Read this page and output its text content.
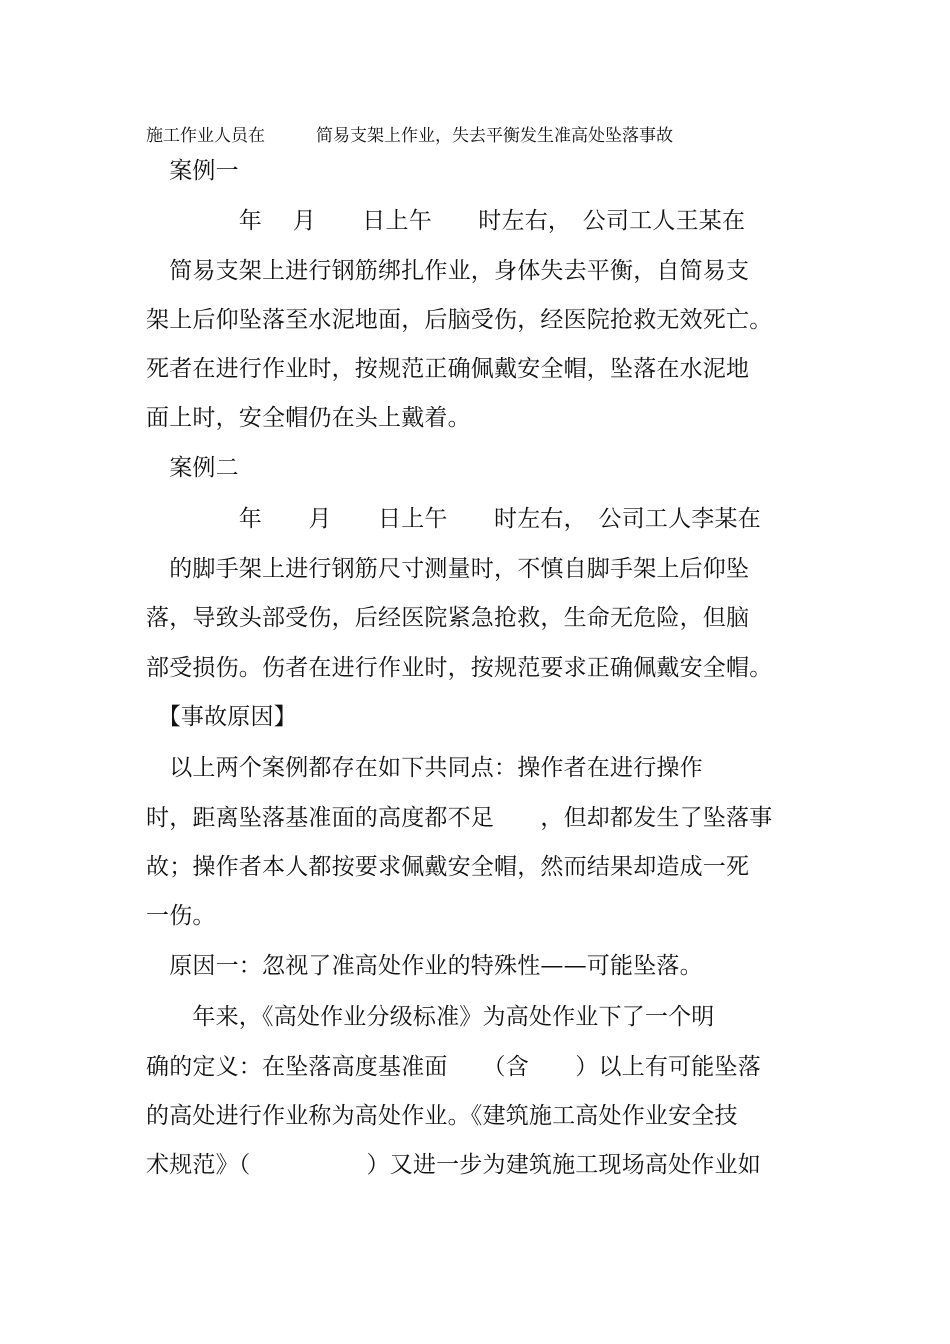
施工作业人员在　　　简易支架上作业，失去平衡发生准高处坠落事故
　案例一
　　　　年　 月　　日上午　　时左右，　公司工人王某在
　简易支架上进行钢筋绑扎作业，身体失去平衡，自简易支
架上后仰坠落至水泥地面，后脑受伤，经医院抢救无效死亡。
死者在进行作业时，按规范正确佩戴安全帽，坠落在水泥地
面上时，安全帽仍在头上戴着。
　案例二
　　　　年　　月　　日上午　　时左右，　公司工人李某在
　的脚手架上进行钢筋尺寸测量时，不慎自脚手架上后仰坠
落，导致头部受伤，后经医院紧急抢救，生命无危险，但脑
部受损伤。伤者在进行作业时，按规范要求正确佩戴安全帽。
　【事故原因】
　以上两个案例都存在如下共同点：操作者在进行操作
时，距离坠落基准面的高度都不足　　，但却都发生了坠落事
故；操作者本人都按要求佩戴安全帽，然而结果却造成一死
一伤。
　原因一：忽视了准高处作业的特殊性——可能坠落。
　　年来，《高处作业分级标准》为高处作业下了一个明
确的定义：在坠落高度基准面　　（含　　）以上有可能坠落
的高处进行作业称为高处作业。《建筑施工高处作业安全技
术规范》（　　　　　）又进一步为建筑施工现场高处作业如
